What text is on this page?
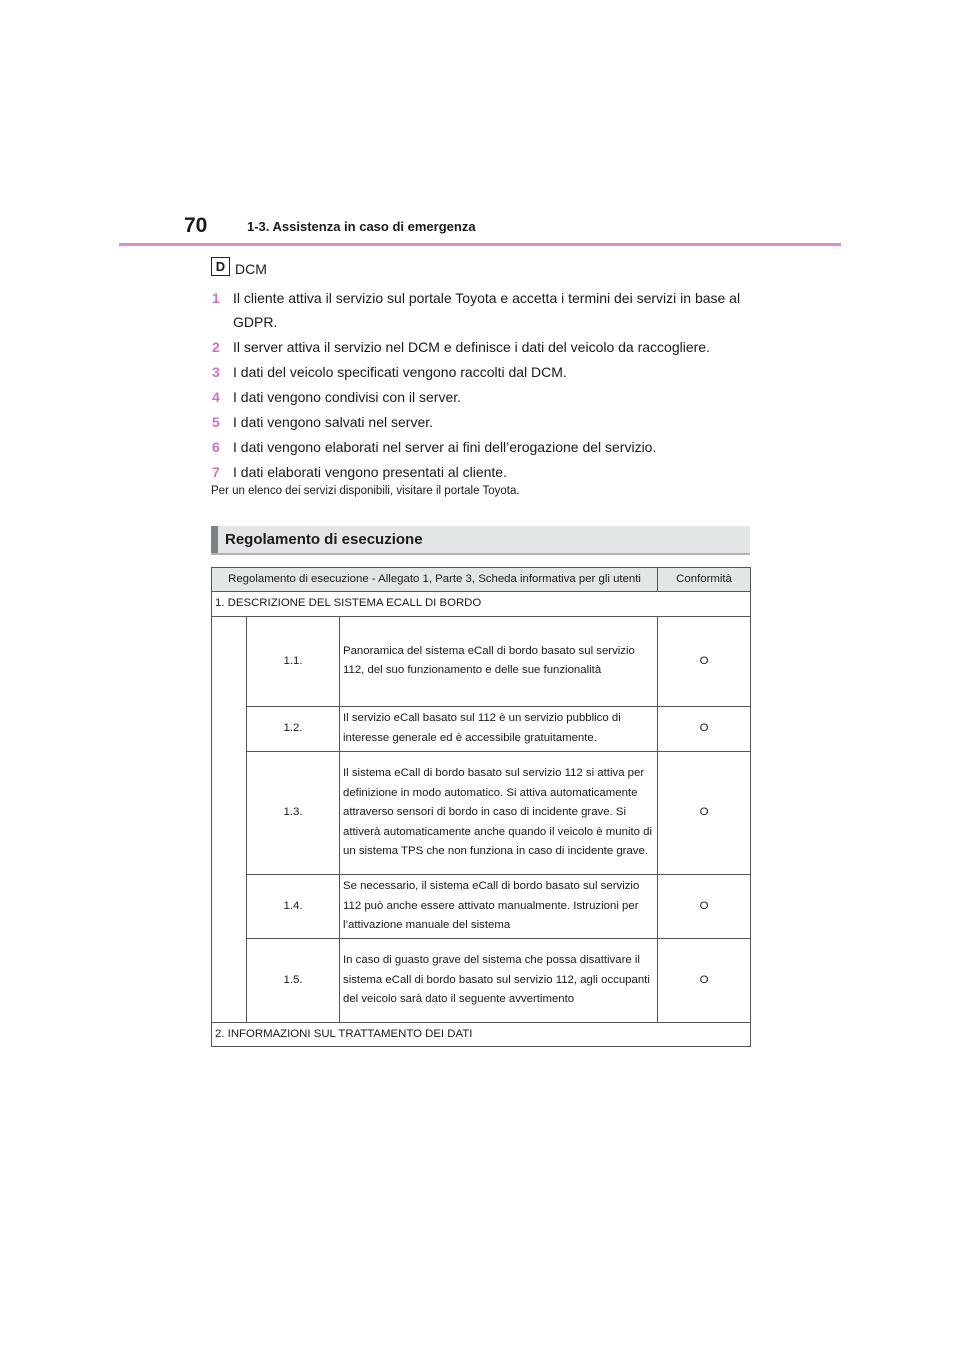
70	1-3. Assistenza in caso di emergenza
D DCM
1 Il cliente attiva il servizio sul portale Toyota e accetta i termini dei servizi in base al GDPR.
2 Il server attiva il servizio nel DCM e definisce i dati del veicolo da raccogliere.
3 I dati del veicolo specificati vengono raccolti dal DCM.
4 I dati vengono condivisi con il server.
5 I dati vengono salvati nel server.
6 I dati vengono elaborati nel server ai fini dell’erogazione del servizio.
7 I dati elaborati vengono presentati al cliente.
Per un elenco dei servizi disponibili, visitare il portale Toyota.
Regolamento di esecuzione
Regolamento di esecuzione - Allegato 1, Parte 3, Scheda informativa per gli utenti			Conformità
1. DESCRIZIONE DEL SISTEMA ECALL DI BORDO			
	1.1.	Panoramica del sistema eCall di bordo basato sul servizio 112, del suo funzionamento e delle sue funzionalità	O
	1.2.	Il servizio eCall basato sul 112 è un servizio pubblico di interesse generale ed è accessibile gratuitamente.	O
	1.3.	Il sistema eCall di bordo basato sul servizio 112 si attiva per definizione in modo automatico. Si attiva automaticamente attraverso sensori di bordo in caso di incidente grave. Si attiverà automaticamente anche quando il veicolo è munito di un sistema TPS che non funziona in caso di incidente grave.	O
	1.4.	Se necessario, il sistema eCall di bordo basato sul servizio 112 può anche essere attivato manualmente. Istruzioni per l’attivazione manuale del sistema	O
	1.5.	In caso di guasto grave del sistema che possa disattivare il sistema eCall di bordo basato sul servizio 112, agli occupanti del veicolo sarà dato il seguente avvertimento	O
2. INFORMAZIONI SUL TRATTAMENTO DEI DATI			
